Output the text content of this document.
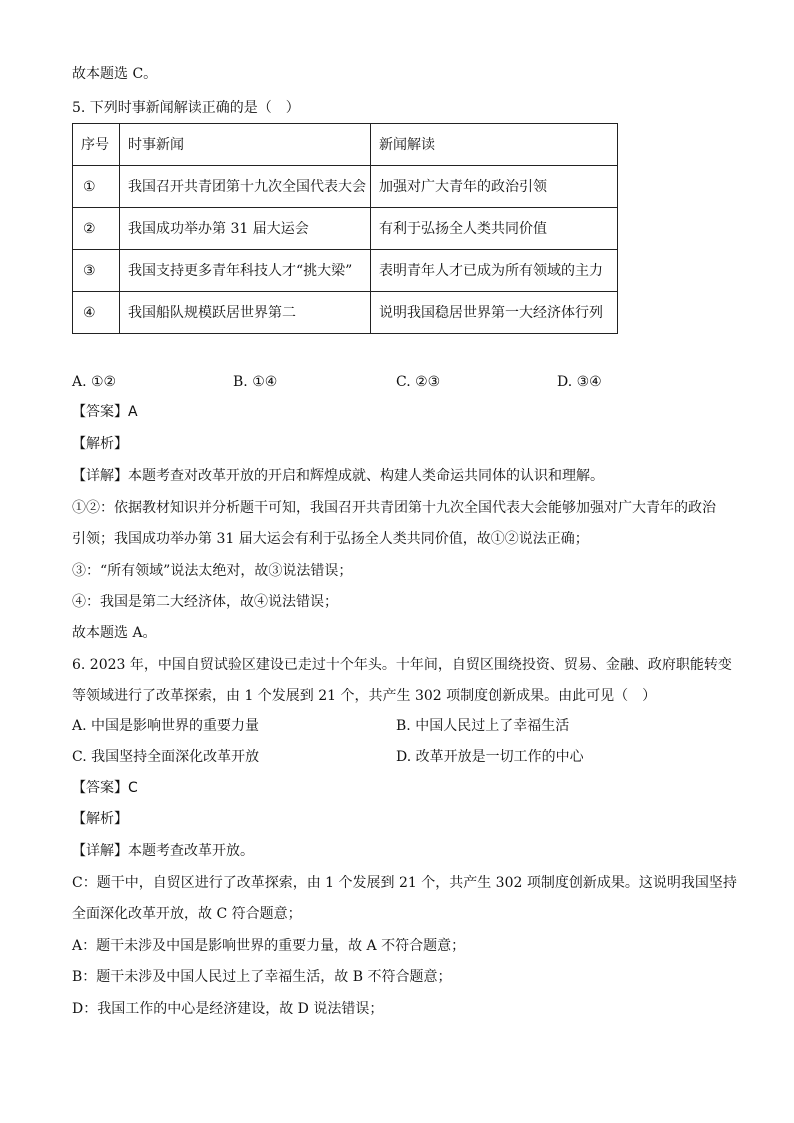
故本题选 C。
5. 下列时事新闻解读正确的是（　）
序号	时事新闻	新闻解读
①	我国召开共青团第十九次全国代表大会	加强对广大青年的政治引领
②	我国成功举办第 31 届大运会	有利于弘扬全人类共同价值
③	我国支持更多青年科技人才“挑大梁”	表明青年人才已成为所有领域的主力
④	我国船队规模跃居世界第二	说明我国稳居世界第一大经济体行列
A. ①②	B. ①④	C. ②③	D. ③④
【答案】A
【解析】
【详解】本题考查对改革开放的开启和辉煌成就、构建人类命运共同体的认识和理解。
①②：依据教材知识并分析题干可知，我国召开共青团第十九次全国代表大会能够加强对广大青年的政治
引领；我国成功举办第 31 届大运会有利于弘扬全人类共同价值，故①②说法正确；
③：“所有领域”说法太绝对，故③说法错误；
④：我国是第二大经济体，故④说法错误；
故本题选 A。
6. 2023 年，中国自贸试验区建设已走过十个年头。十年间，自贸区围绕投资、贸易、金融、政府职能转变
等领域进行了改革探索，由 1 个发展到 21 个，共产生 302 项制度创新成果。由此可见（　）
A. 中国是影响世界的重要力量	B. 中国人民过上了幸福生活
C. 我国坚持全面深化改革开放	D. 改革开放是一切工作的中心
【答案】C
【解析】
【详解】本题考查改革开放。
C：题干中，自贸区进行了改革探索，由 1 个发展到 21 个，共产生 302 项制度创新成果。这说明我国坚持
全面深化改革开放，故 C 符合题意；
A：题干未涉及中国是影响世界的重要力量，故 A 不符合题意；
B：题干未涉及中国人民过上了幸福生活，故 B 不符合题意；
D：我国工作的中心是经济建设，故 D 说法错误；
